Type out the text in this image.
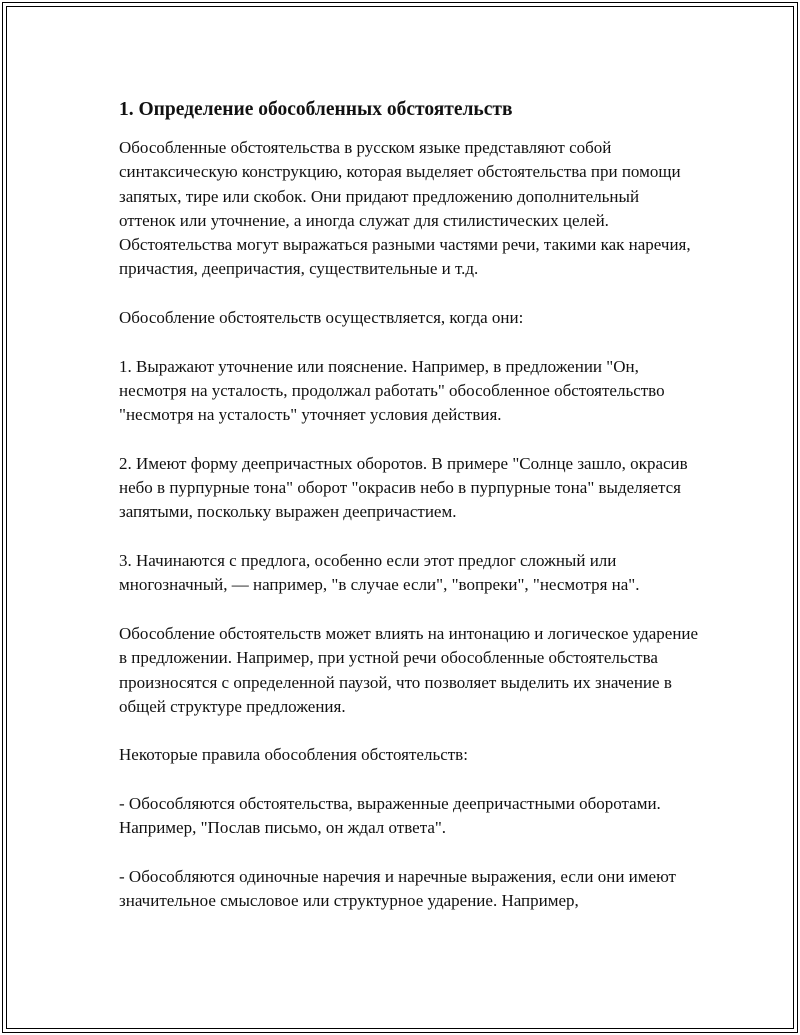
1. Определение обособленных обстоятельств

Обособленные обстоятельства в русском языке представляют собой синтаксическую конструкцию, которая выделяет обстоятельства при помощи запятых, тире или скобок. Они придают предложению дополнительный оттенок или уточнение, а иногда служат для стилистических целей. Обстоятельства могут выражаться разными частями речи, такими как наречия, причастия, деепричастия, существительные и т.д.

Обособление обстоятельств осуществляется, когда они:

1. Выражают уточнение или пояснение. Например, в предложении "Он, несмотря на усталость, продолжал работать" обособленное обстоятельство "несмотря на усталость" уточняет условия действия.

2. Имеют форму деепричастных оборотов. В примере "Солнце зашло, окрасив небо в пурпурные тона" оборот "окрасив небо в пурпурные тона" выделяется запятыми, поскольку выражен деепричастием.

3. Начинаются с предлога, особенно если этот предлог сложный или многозначный, — например, "в случае если", "вопреки", "несмотря на".

Обособление обстоятельств может влиять на интонацию и логическое ударение в предложении. Например, при устной речи обособленные обстоятельства произносятся с определенной паузой, что позволяет выделить их значение в общей структуре предложения.

Некоторые правила обособления обстоятельств:

- Обособляются обстоятельства, выраженные деепричастными оборотами. Например, "Послав письмо, он ждал ответа".

- Обособляются одиночные наречия и наречные выражения, если они имеют значительное смысловое или структурное ударение. Например,
